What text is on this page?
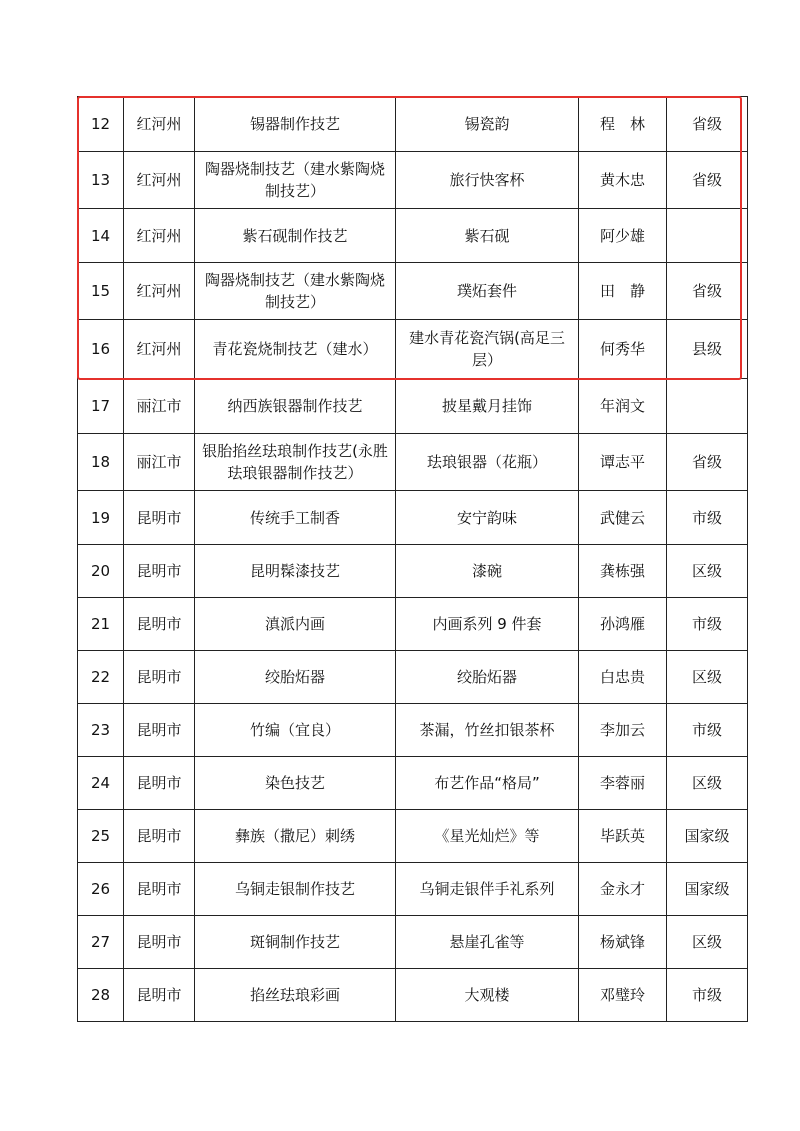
12	红河州	锡器制作技艺	锡瓷韵	程　林	省级
13	红河州	陶器烧制技艺（建水紫陶烧制技艺）	旅行快客杯	黄木忠	省级
14	红河州	紫石砚制作技艺	紫石砚	阿少雄	
15	红河州	陶器烧制技艺（建水紫陶烧制技艺）	璞炻套件	田　静	省级
16	红河州	青花瓷烧制技艺（建水）	建水青花瓷汽锅(高足三层）	何秀华	县级
17	丽江市	纳西族银器制作技艺	披星戴月挂饰	年润文	
18	丽江市	银胎掐丝珐琅制作技艺(永胜珐琅银器制作技艺）	珐琅银器（花瓶）	谭志平	省级
19	昆明市	传统手工制香	安宁韵味	武健云	市级
20	昆明市	昆明髹漆技艺	漆碗	龚栋强	区级
21	昆明市	滇派内画	内画系列 9 件套	孙鸿雁	市级
22	昆明市	绞胎炻器	绞胎炻器	白忠贵	区级
23	昆明市	竹编（宜良）	茶漏，竹丝扣银茶杯	李加云	市级
24	昆明市	染色技艺	布艺作品“格局”	李蓉丽	区级
25	昆明市	彝族（撒尼）刺绣	《星光灿烂》等	毕跃英	国家级
26	昆明市	乌铜走银制作技艺	乌铜走银伴手礼系列	金永才	国家级
27	昆明市	斑铜制作技艺	悬崖孔雀等	杨斌锋	区级
28	昆明市	掐丝珐琅彩画	大观楼	邓璧玲	市级
